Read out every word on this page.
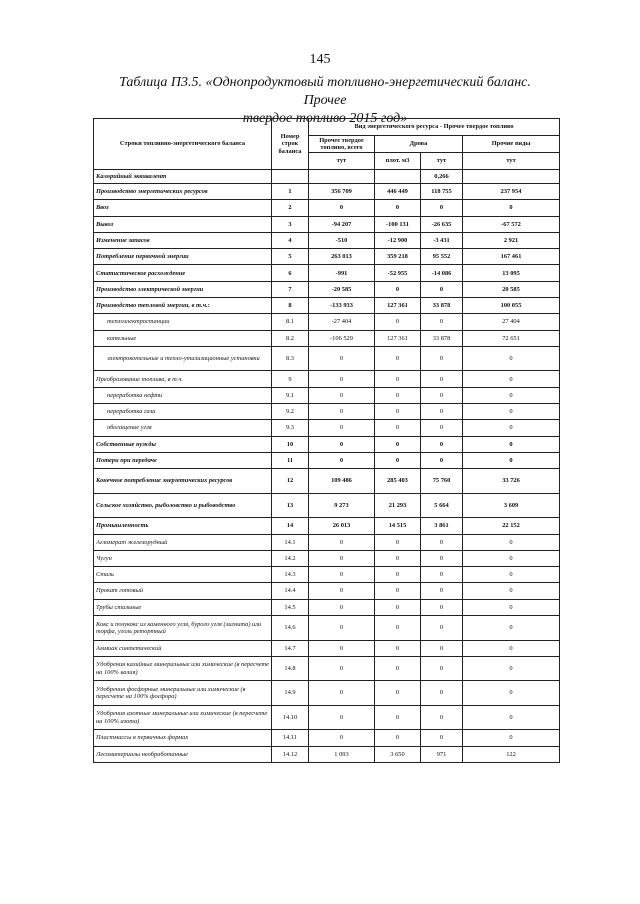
145
Таблица П3.5. «Однопродуктовый топливно-энергетический баланс. Прочее
твердое топливо 2015 год»
Строки топливно-энергетического баланса	Номер строк баланса	Вид энергетического ресурса - Прочее твердое топливо			
		Прочее твердое топливо, всего	Дрова		Прочие виды
		тут	плот. м3	тут	тут
Калорийный эквивалент				0,266	
Производство энергетических ресурсов	1	356 709	446 449	118 755	237 954
Ввоз	2	0	0	0	0
Вывоз	3	-94 207	-100 131	-26 635	-67 572
Изменение запасов	4	-510	-12 900	-3 431	2 921
Потребление первичной энергии	5	263 013	359 218	95 552	167 461
Статистическое расхождение	6	-991	-52 955	-14 086	13 095
Производство электрической энергии	7	-20 585	0	0	20 585
Производство тепловой энергии, в т.ч.:	8	-133 933	127 361	33 878	100 055
теплоэлектростанции	8.1	-27 404	0	0	27 404
котельные	8.2	-106 529	127 361	33 878	72 651
электрокотельные и тепло-утилизационные установки	8.3	0	0	0	0
Преобразование топлива, в т.ч.	9	0	0	0	0
переработка нефти	9.1	0	0	0	0
переработка газа	9.2	0	0	0	0
обогащение угля	9.3	0	0	0	0
Собственные нужды	10	0	0	0	0
Потери при передаче	11	0	0	0	0
Конечное потребление энергетических ресурсов	12	109 486	285 403	75 760	33 726
Сельское хозяйство, рыболовство и рыбоводство	13	9 273	21 293	5 664	3 609
Промышленность	14	26 013	14 515	3 861	22 152
Агломерат железорудный	14.1	0	0	0	0
Чугун	14.2	0	0	0	0
Сталь	14.3	0	0	0	0
Прокат готовый	14.4	0	0	0	0
Трубы стальные	14.5	0	0	0	0
Кокс и полукокс из каменного угля, бурого угля (лигнита) или торфа, уголь ретортный	14.6	0	0	0	0
Аммиак синтетический	14.7	0	0	0	0
Удобрения калийные минеральные или химические (в пересчете на 100% калия)	14.8	0	0	0	0
Удобрения фосфорные минеральные или химические (в пересчете на 100% фосфора)	14.9	0	0	0	0
Удобрения азотные минеральные или химические (в пересчете на 100% азота)	14.10	0	0	0	0
Пластмассы в первичных формах	14.11	0	0	0	0
Лесоматериалы необработанные	14.12	1 093	3 650	971	122
